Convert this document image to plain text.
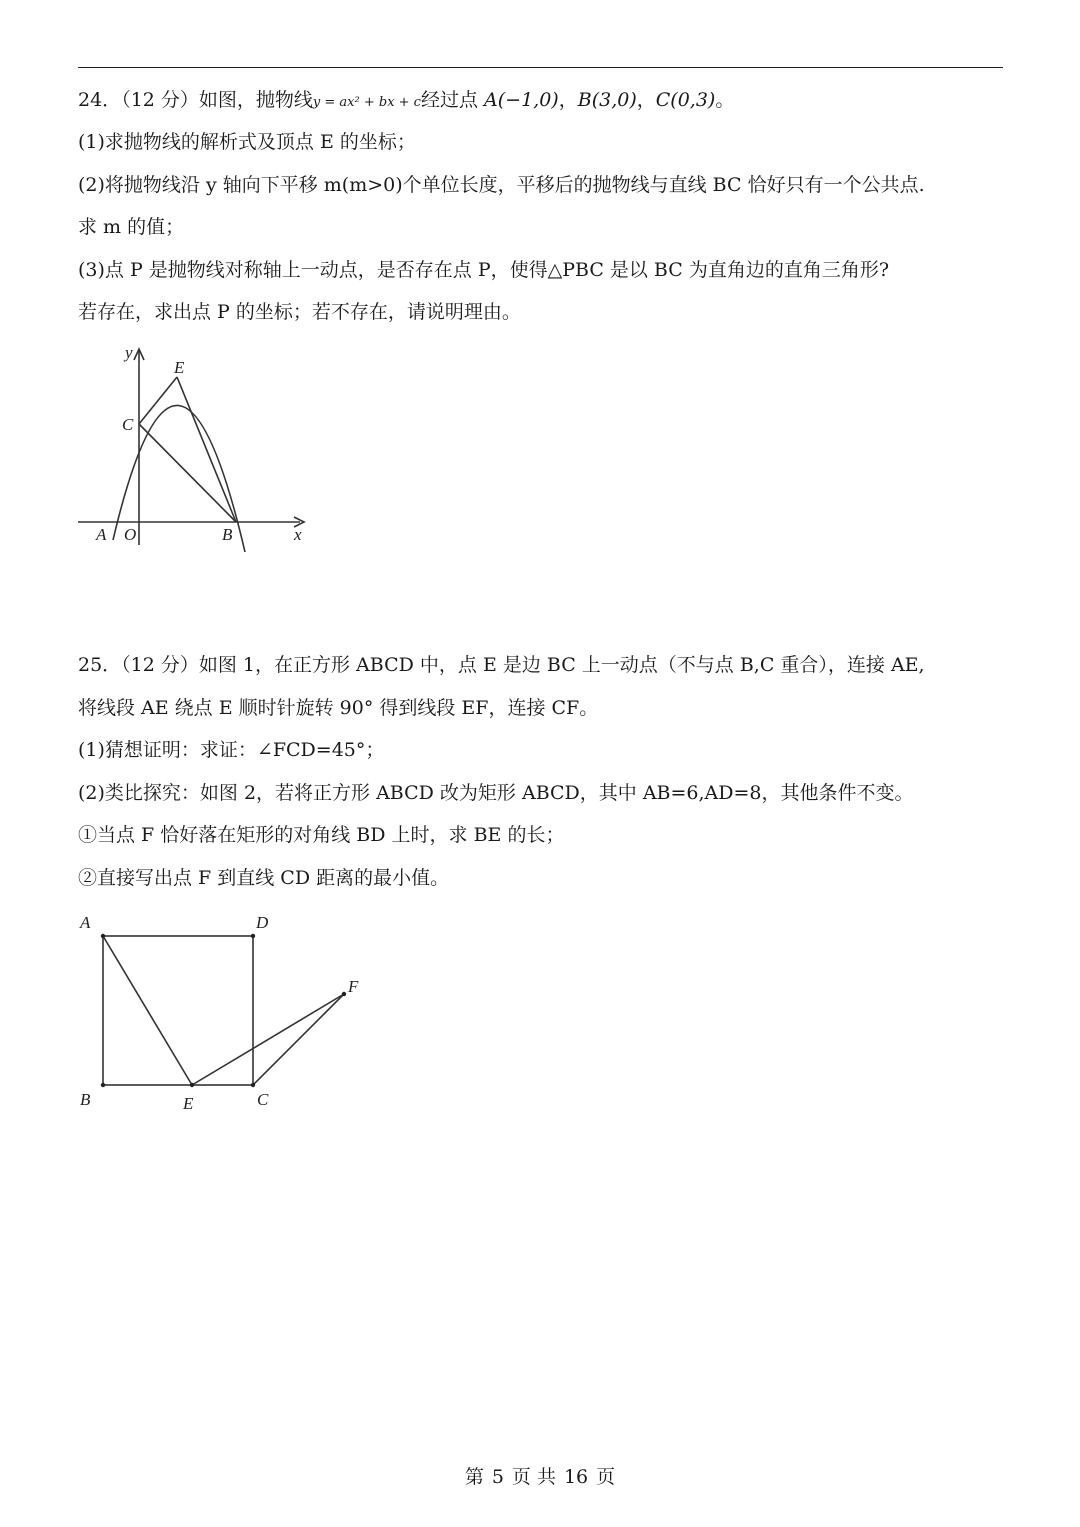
24．（12 分）如图，抛物线y = ax² + bx + c经过点 A(−1,0)，B(3,0)，C(0,3)。
(1)求抛物线的解析式及顶点 E 的坐标；
(2)将抛物线沿 y 轴向下平移 m(m>0)个单位长度，平移后的抛物线与直线 BC 恰好只有一个公共点.
求 m 的值；
(3)点 P 是抛物线对称轴上一动点，是否存在点 P，使得△PBC 是以 BC 为直角边的直角三角形?
若存在，求出点 P 的坐标；若不存在，请说明理由。
y
x
E
C
A O	B
25．（12 分）如图 1，在正方形 ABCD 中，点 E 是边 BC 上一动点（不与点 B,C 重合），连接 AE,
将线段 AE 绕点 E 顺时针旋转 90° 得到线段 EF，连接 CF。
(1)猜想证明：求证：∠FCD=45°；
(2)类比探究：如图 2，若将正方形 ABCD 改为矩形 ABCD，其中 AB=6,AD=8，其他条件不变。
①当点 F 恰好落在矩形的对角线 BD 上时，求 BE 的长；
②直接写出点 F 到直线 CD 距离的最小值。
A	D
F
B	E	C
第 5 页 共 16 页
